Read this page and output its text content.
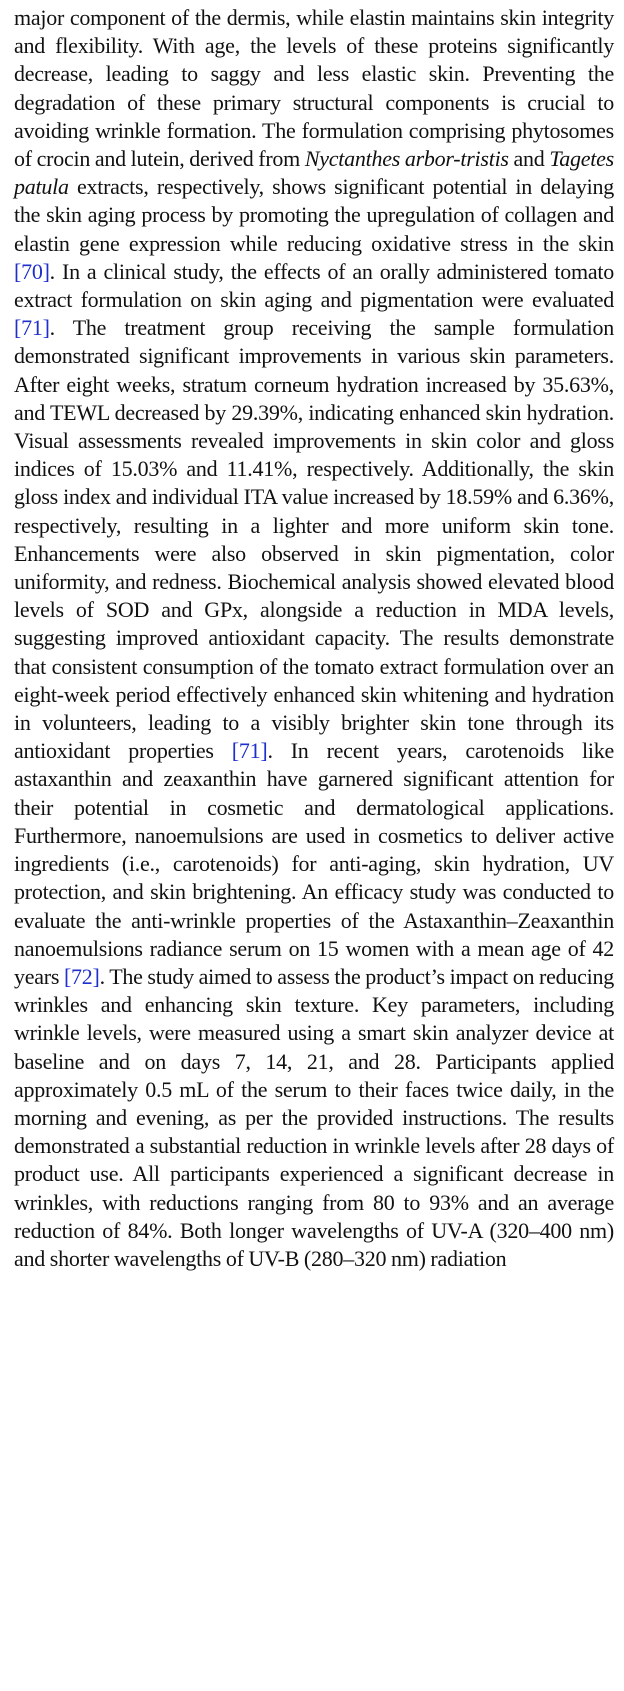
major component of the dermis, while elastin maintains skin integrity and flexibility. With age, the levels of these proteins significantly decrease, leading to saggy and less elastic skin. Preventing the degradation of these primary structural components is crucial to avoiding wrinkle formation. The formulation comprising phytosomes of crocin and lutein, derived from Nyctanthes arbor-tristis and Tagetes patula extracts, respectively, shows significant potential in delaying the skin aging process by promoting the upregulation of collagen and elastin gene expression while reducing oxidative stress in the skin [70]. In a clinical study, the effects of an orally administered tomato extract formulation on skin aging and pigmentation were evaluated [71]. The treatment group receiving the sample formulation demonstrated significant improvements in various skin parameters. After eight weeks, stratum corneum hydration increased by 35.63%, and TEWL decreased by 29.39%, indicating enhanced skin hydration. Visual assessments revealed improvements in skin color and gloss indices of 15.03% and 11.41%, respectively. Additionally, the skin gloss index and individual ITA value increased by 18.59% and 6.36%, respectively, resulting in a lighter and more uniform skin tone. Enhancements were also observed in skin pigmentation, color uniformity, and redness. Biochemical analysis showed elevated blood levels of SOD and GPx, alongside a reduction in MDA levels, suggesting improved antioxidant capacity. The results demonstrate that consistent consumption of the tomato extract formulation over an eight-week period effectively enhanced skin whitening and hydration in volunteers, leading to a visibly brighter skin tone through its antioxidant properties [71]. In recent years, carotenoids like astaxanthin and zeaxanthin have garnered significant attention for their potential in cosmetic and dermatological applications. Furthermore, nanoemulsions are used in cosmetics to deliver active ingredients (i.e., carotenoids) for anti-aging, skin hydration, UV protection, and skin brightening. An efficacy study was conducted to evaluate the anti-wrinkle properties of the Astaxanthin–Zeaxanthin nanoemulsions radiance serum on 15 women with a mean age of 42 years [72]. The study aimed to assess the product’s impact on reducing wrinkles and enhancing skin texture. Key parameters, including wrinkle levels, were measured using a smart skin analyzer device at baseline and on days 7, 14, 21, and 28. Participants applied approximately 0.5 mL of the serum to their faces twice daily, in the morning and evening, as per the provided instructions. The results demonstrated a substantial reduction in wrinkle levels after 28 days of product use. All participants experienced a significant decrease in wrinkles, with reductions ranging from 80 to 93% and an average reduction of 84%. Both longer wavelengths of UV-A (320–400 nm) and shorter wavelengths of UV-B (280–320 nm) radiation
